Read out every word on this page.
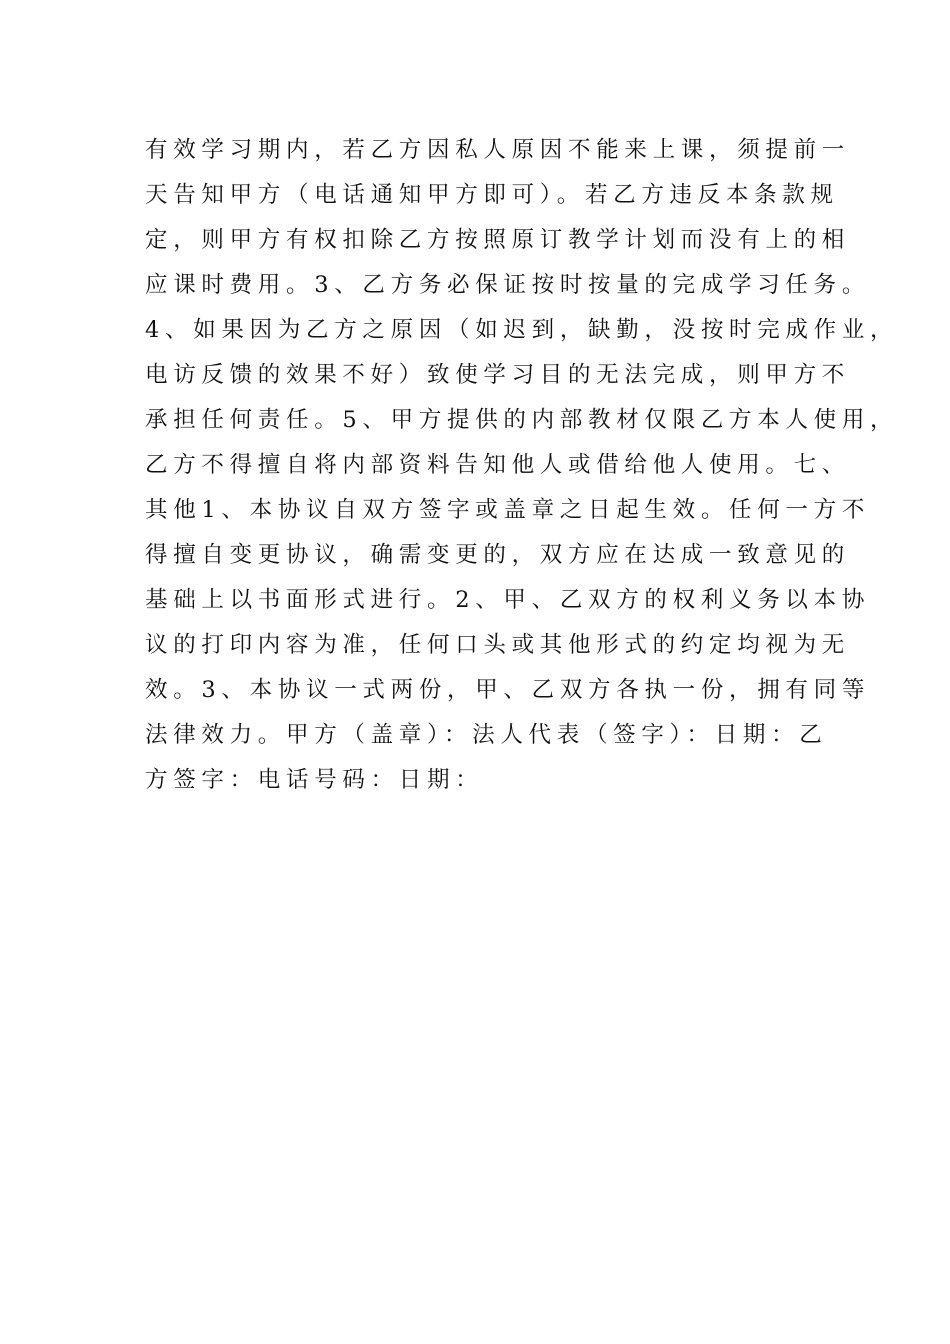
有效学习期内，若乙方因私人原因不能来上课，须提前一
天告知甲方（电话通知甲方即可）。若乙方违反本条款规
定，则甲方有权扣除乙方按照原订教学计划而没有上的相
应课时费用。3、乙方务必保证按时按量的完成学习任务。
4、如果因为乙方之原因（如迟到，缺勤，没按时完成作业，
电访反馈的效果不好）致使学习目的无法完成，则甲方不
承担任何责任。5、甲方提供的内部教材仅限乙方本人使用，
乙方不得擅自将内部资料告知他人或借给他人使用。七、
其他1、本协议自双方签字或盖章之日起生效。任何一方不
得擅自变更协议，确需变更的，双方应在达成一致意见的
基础上以书面形式进行。2、甲、乙双方的权利义务以本协
议的打印内容为准，任何口头或其他形式的约定均视为无
效。3、本协议一式两份，甲、乙双方各执一份，拥有同等
法律效力。甲方（盖章）：法人代表（签字）：日期：乙
方签字：电话号码：日期：
